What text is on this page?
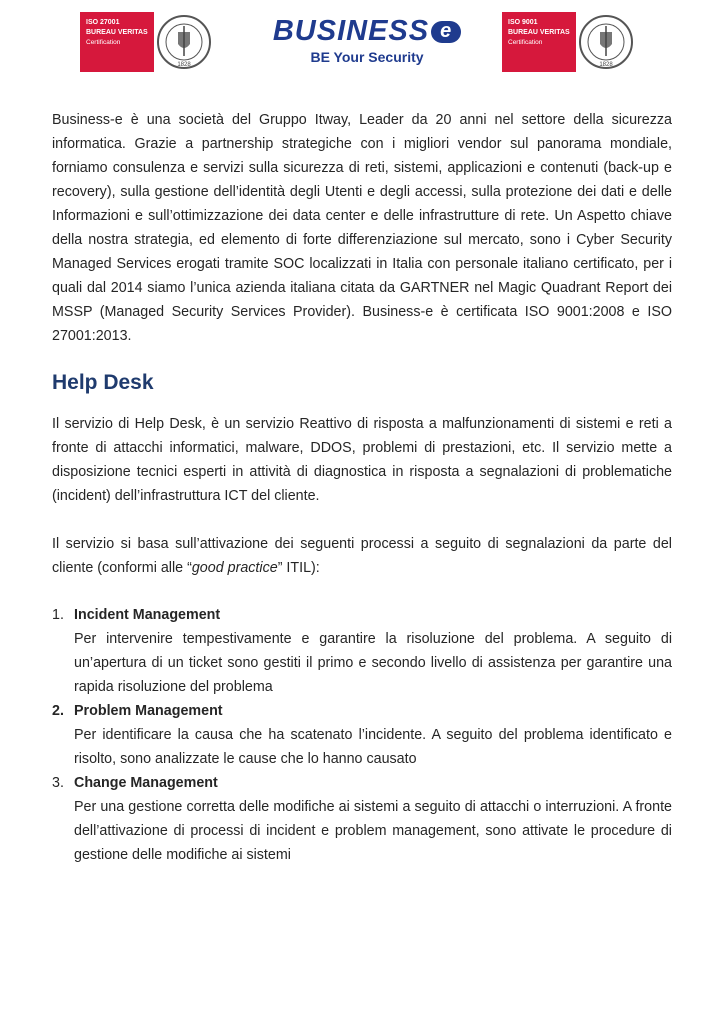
ISO 27001
BUREAU VERITAS
Certification
1828
BUSINESS e
BE Your Security
ISO 9001
BUREAU VERITAS
Certification
1828

Business-e è una società del Gruppo Itway, Leader da 20 anni nel settore della sicurezza informatica. Grazie a partnership strategiche con i migliori vendor sul panorama mondiale, forniamo consulenza e servizi sulla sicurezza di reti, sistemi, applicazioni e contenuti (back-up e recovery), sulla gestione dell’identità degli Utenti e degli accessi, sulla protezione dei dati e delle Informazioni e sull’ottimizzazione dei data center e delle infrastrutture di rete. Un Aspetto chiave della nostra strategia, ed elemento di forte differenziazione sul mercato, sono i Cyber Security Managed Services erogati tramite SOC localizzati in Italia con personale italiano certificato, per i quali dal 2014 siamo l’unica azienda italiana citata da GARTNER nel Magic Quadrant Report dei MSSP (Managed Security Services Provider). Business-e è certificata ISO 9001:2008 e ISO 27001:2013.

Help Desk

Il servizio di Help Desk, è un servizio Reattivo di risposta a malfunzionamenti di sistemi e reti a fronte di attacchi informatici, malware, DDOS, problemi di prestazioni, etc. Il servizio mette a disposizione tecnici esperti in attività di diagnostica in risposta a segnalazioni di problematiche (incident) dell’infrastruttura ICT del cliente.

Il servizio si basa sull’attivazione dei seguenti processi a seguito di segnalazioni da parte del cliente (conformi alle “good practice” ITIL):

1. Incident Management
Per intervenire tempestivamente e garantire la risoluzione del problema. A seguito di un’apertura di un ticket sono gestiti il primo e secondo livello di assistenza per garantire una rapida risoluzione del problema
2. Problem Management
Per identificare la causa che ha scatenato l’incidente. A seguito del problema identificato e risolto, sono analizzate le cause che lo hanno causato
3. Change Management
Per una gestione corretta delle modifiche ai sistemi a seguito di attacchi o interruzioni. A fronte dell’attivazione di processi di incident e problem management, sono attivate le procedure di gestione delle modifiche ai sistemi
